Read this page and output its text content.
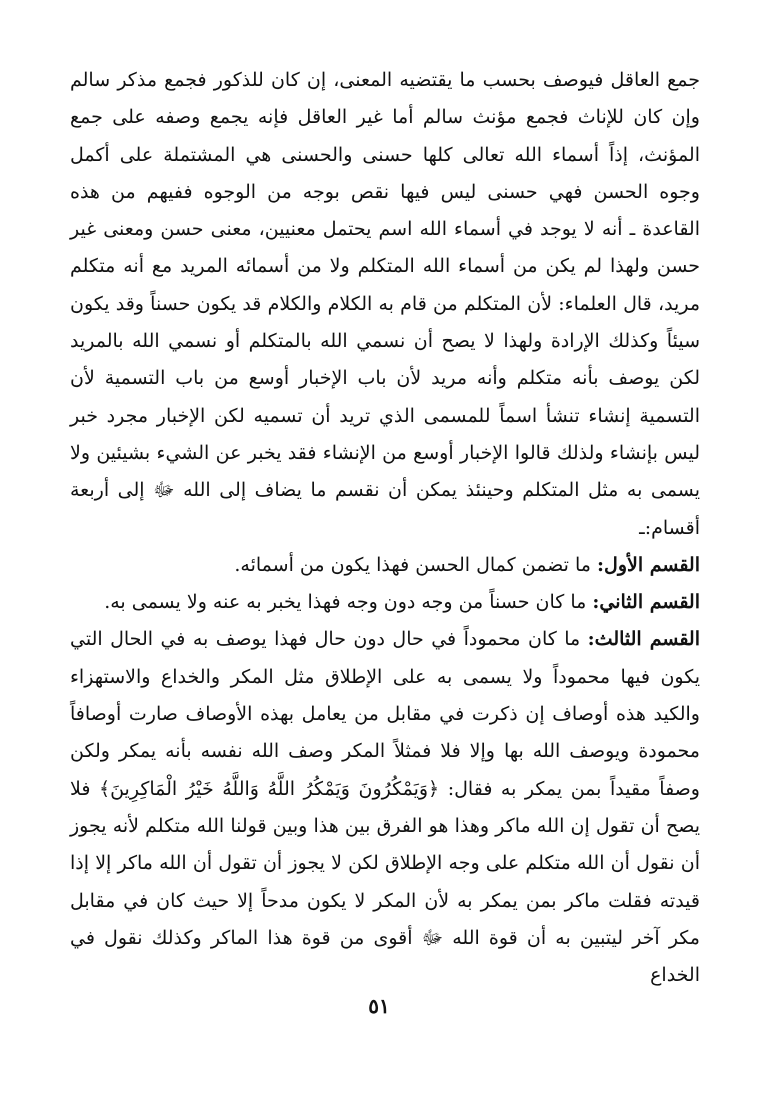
جمع العاقل فيوصف بحسب ما يقتضيه المعنى، إن كان للذكور فجمع مذكر سالم وإن كان للإناث فجمع مؤنث سالم أما غير العاقل فإنه يجمع وصفه على جمع المؤنث، إذاً أسماء الله تعالى كلها حسنى والحسنى هي المشتملة على أكمل وجوه الحسن فهي حسنى ليس فيها نقص بوجه من الوجوه ففيهم من هذه القاعدة ـ أنه لا يوجد في أسماء الله اسم يحتمل معنيين، معنى حسن ومعنى غير حسن ولهذا لم يكن من أسماء الله المتكلم ولا من أسمائه المريد مع أنه متكلم مريد، قال العلماء: لأن المتكلم من قام به الكلام والكلام قد يكون حسناً وقد يكون سيئاً وكذلك الإرادة ولهذا لا يصح أن نسمي الله بالمتكلم أو نسمي الله بالمريد لكن يوصف بأنه متكلم وأنه مريد لأن باب الإخبار أوسع من باب التسمية لأن التسمية إنشاء تنشأ اسماً للمسمى الذي تريد أن تسميه لكن الإخبار مجرد خبر ليس بإنشاء ولذلك قالوا الإخبار أوسع من الإنشاء فقد يخبر عن الشيء بشيئين ولا يسمى به مثل المتكلم وحينئذ يمكن أن نقسم ما يضاف إلى الله ﷻ إلى أربعة أقسام:ـ

القسم الأول: ما تضمن كمال الحسن فهذا يكون من أسمائه.

القسم الثاني: ما كان حسناً من وجه دون وجه فهذا يخبر به عنه ولا يسمى به.

القسم الثالث: ما كان محموداً في حال دون حال فهذا يوصف به في الحال التي يكون فيها محموداً ولا يسمى به على الإطلاق مثل المكر والخداع والاستهزاء والكيد هذه أوصاف إن ذكرت في مقابل من يعامل بهذه الأوصاف صارت أوصافاً محمودة ويوصف الله بها وإلا فلا فمثلاً المكر وصف الله نفسه بأنه يمكر ولكن وصفاً مقيداً بمن يمكر به فقال: ﴿وَيَمْكُرُونَ وَيَمْكُرُ اللَّهُ وَاللَّهُ خَيْرُ الْمَاكِرِينَ﴾ فلا يصح أن تقول إن الله ماكر وهذا هو الفرق بين هذا وبين قولنا الله متكلم لأنه يجوز أن نقول أن الله متكلم على وجه الإطلاق لكن لا يجوز أن تقول أن الله ماكر إلا إذا قيدته فقلت ماكر بمن يمكر به لأن المكر لا يكون مدحاً إلا حيث كان في مقابل مكر آخر ليتبين به أن قوة الله ﷻ أقوى من قوة هذا الماكر وكذلك نقول في الخداع

٥١
